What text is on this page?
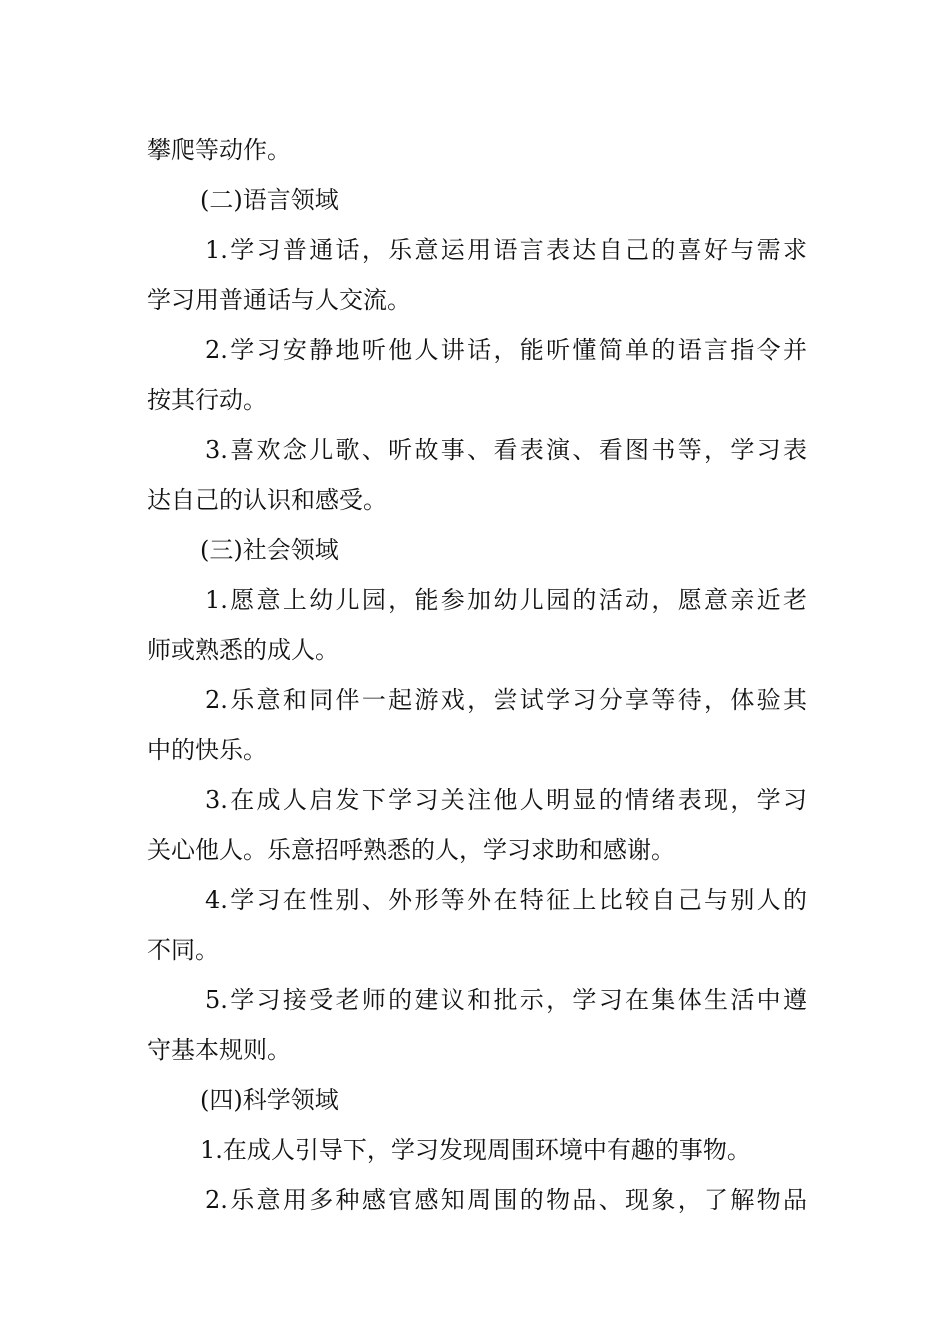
攀爬等动作。
(二)语言领域
1.学习普通话，乐意运用语言表达自己的喜好与需求
学习用普通话与人交流。
2.学习安静地听他人讲话，能听懂简单的语言指令并
按其行动。
3.喜欢念儿歌、听故事、看表演、看图书等，学习表
达自己的认识和感受。
(三)社会领域
1.愿意上幼儿园，能参加幼儿园的活动，愿意亲近老
师或熟悉的成人。
2.乐意和同伴一起游戏，尝试学习分享等待，体验其
中的快乐。
3.在成人启发下学习关注他人明显的情绪表现，学习
关心他人。乐意招呼熟悉的人，学习求助和感谢。
4.学习在性别、外形等外在特征上比较自己与别人的
不同。
5.学习接受老师的建议和批示，学习在集体生活中遵
守基本规则。
(四)科学领域
1.在成人引导下，学习发现周围环境中有趣的事物。
2.乐意用多种感官感知周围的物品、现象，了解物品
